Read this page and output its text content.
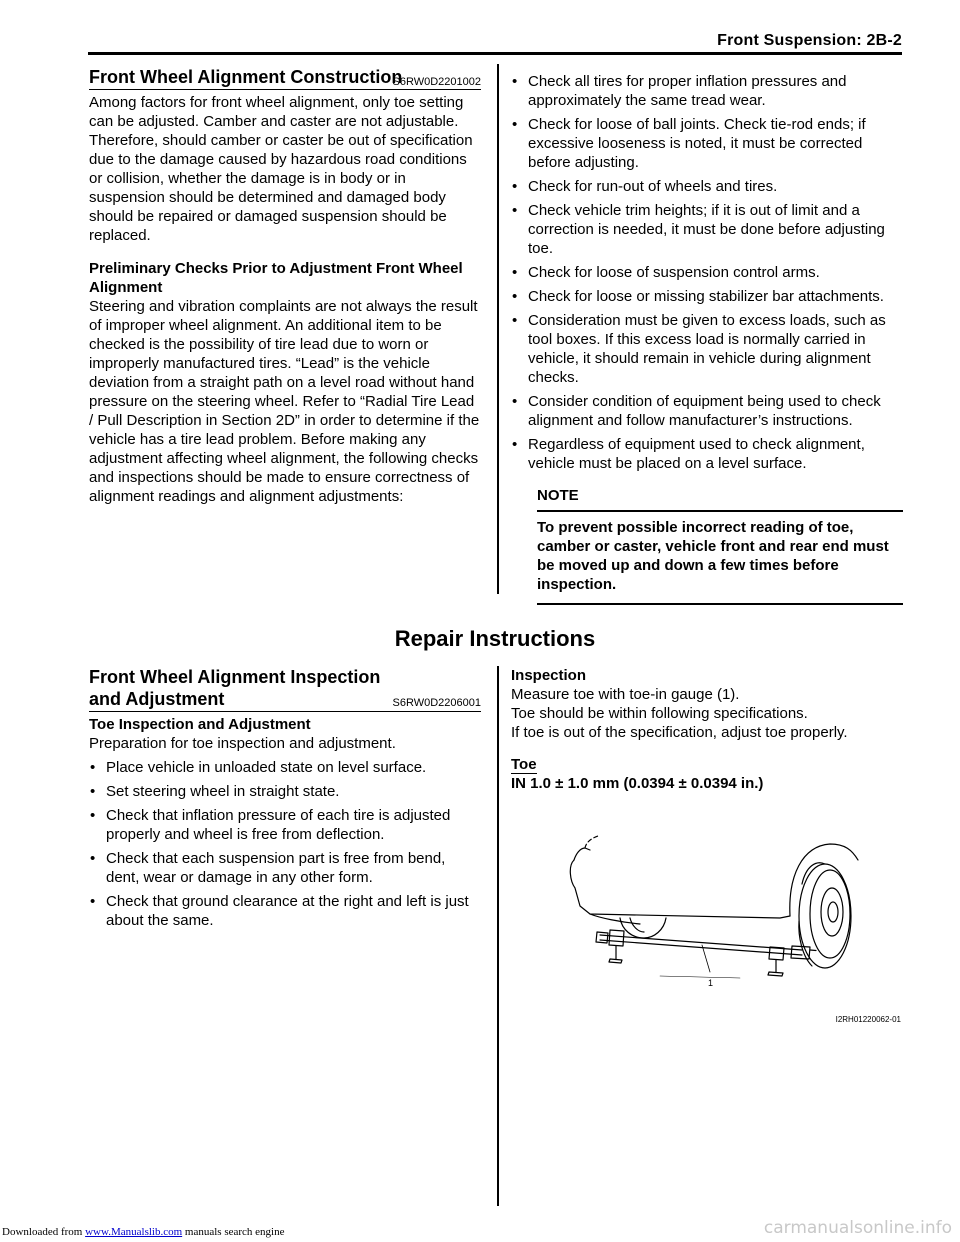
Front Suspension: 2B-2
Front Wheel Alignment Construction
S6RW0D2201002

Among factors for front wheel alignment, only toe setting can be adjusted. Camber and caster are not adjustable. Therefore, should camber or caster be out of specification due to the damage caused by hazardous road conditions or collision, whether the damage is in body or in suspension should be determined and damaged body should be repaired or damaged suspension should be replaced.

Preliminary Checks Prior to Adjustment Front Wheel Alignment

Steering and vibration complaints are not always the result of improper wheel alignment. An additional item to be checked is the possibility of tire lead due to worn or improperly manufactured tires. “Lead” is the vehicle deviation from a straight path on a level road without hand pressure on the steering wheel. Refer to “Radial Tire Lead / Pull Description in Section 2D” in order to determine if the vehicle has a tire lead problem. Before making any adjustment affecting wheel alignment, the following checks and inspections should be made to ensure correctness of alignment readings and alignment adjustments:

• Check all tires for proper inflation pressures and approximately the same tread wear.
• Check for loose of ball joints. Check tie-rod ends; if excessive looseness is noted, it must be corrected before adjusting.
• Check for run-out of wheels and tires.
• Check vehicle trim heights; if it is out of limit and a correction is needed, it must be done before adjusting toe.
• Check for loose of suspension control arms.
• Check for loose or missing stabilizer bar attachments.
• Consideration must be given to excess loads, such as tool boxes. If this excess load is normally carried in vehicle, it should remain in vehicle during alignment checks.
• Consider condition of equipment being used to check alignment and follow manufacturer’s instructions.
• Regardless of equipment used to check alignment, vehicle must be placed on a level surface.
NOTE
To prevent possible incorrect reading of toe, camber or caster, vehicle front and rear end must be moved up and down a few times before inspection.
Repair Instructions
Front Wheel Alignment Inspection and Adjustment	S6RW0D2206001

Toe Inspection and Adjustment

Preparation for toe inspection and adjustment.

• Place vehicle in unloaded state on level surface.
• Set steering wheel in straight state.
• Check that inflation pressure of each tire is adjusted properly and wheel is free from deflection.
• Check that each suspension part is free from bend, dent, wear or damage in any other form.
• Check that ground clearance at the right and left is just about the same.

Inspection

Measure toe with toe-in gauge (1).

Toe should be within following specifications.

If toe is out of the specification, adjust toe properly.

Toe

IN 1.0 ± 1.0 mm (0.0394 ± 0.0394 in.)

1
I2RH01220062-01
Downloaded from www.Manualslib.com manuals search engine	carmanualsonline.info
